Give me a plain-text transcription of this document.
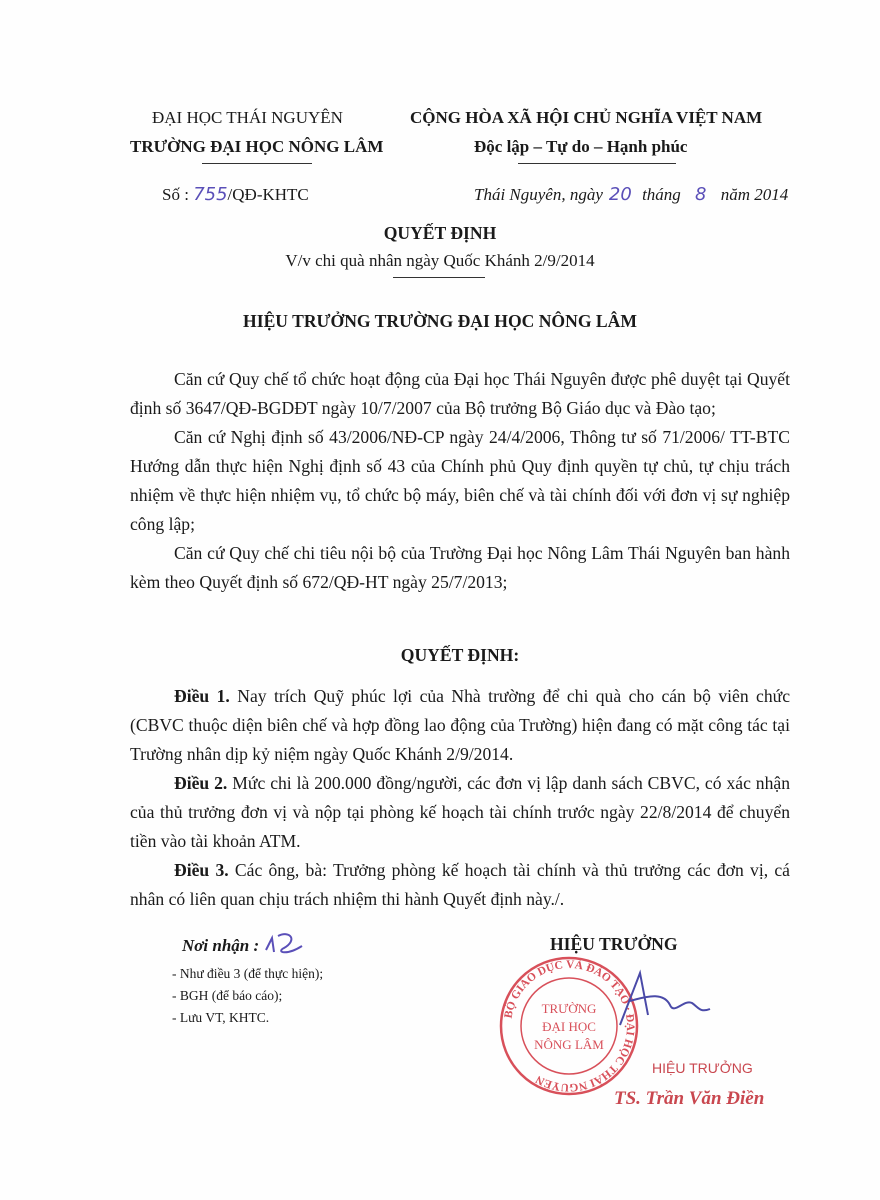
ĐẠI HỌC THÁI NGUYÊN
TRƯỜNG ĐẠI HỌC NÔNG LÂM
CỘNG HÒA XÃ HỘI CHỦ NGHĨA VIỆT NAM
Độc lập – Tự do – Hạnh phúc
Số : 755/QĐ-KHTC	Thái Nguyên, ngày 20 tháng 8 năm 2014
QUYẾT ĐỊNH
V/v chi quà nhân ngày Quốc Khánh 2/9/2014
HIỆU TRƯỞNG TRƯỜNG ĐẠI HỌC NÔNG LÂM

Căn cứ Quy chế tổ chức hoạt động của Đại học Thái Nguyên được phê duyệt tại Quyết định số 3647/QĐ-BGDĐT ngày 10/7/2007 của Bộ trưởng Bộ Giáo dục và Đào tạo;

Căn cứ Nghị định số 43/2006/NĐ-CP ngày 24/4/2006, Thông tư số 71/2006/ TT-BTC Hướng dẫn thực hiện Nghị định số 43 của Chính phủ Quy định quyền tự chủ, tự chịu trách nhiệm về thực hiện nhiệm vụ, tổ chức bộ máy, biên chế và tài chính đối với đơn vị sự nghiệp công lập;

Căn cứ Quy chế chi tiêu nội bộ của Trường Đại học Nông Lâm Thái Nguyên ban hành kèm theo Quyết định số 672/QĐ-HT ngày 25/7/2013;

QUYẾT ĐỊNH:

Điều 1. Nay trích Quỹ phúc lợi của Nhà trường để chi quà cho cán bộ viên chức (CBVC thuộc diện biên chế và hợp đồng lao động của Trường) hiện đang có mặt công tác tại Trường nhân dịp kỷ niệm ngày Quốc Khánh 2/9/2014.

Điều 2. Mức chi là 200.000 đồng/người, các đơn vị lập danh sách CBVC, có xác nhận của thủ trưởng đơn vị và nộp tại phòng kế hoạch tài chính trước ngày 22/8/2014 để chuyển tiền vào tài khoản ATM.

Điều 3. Các ông, bà: Trưởng phòng kế hoạch tài chính và thủ trưởng các đơn vị, cá nhân có liên quan chịu trách nhiệm thi hành Quyết định này./.

Nơi nhận :
- Như điều 3 (để thực hiện);
- BGH (để báo cáo);
- Lưu VT, KHTC.
HIỆU TRƯỞNG
BỘ GIÁO DỤC VÀ ĐÀO TẠO · ĐẠI HỌC THÁI NGUYÊN
TRƯỜNG
ĐẠI HỌC
NÔNG LÂM
HIỆU TRƯỞNG
TS. Trần Văn Điền
